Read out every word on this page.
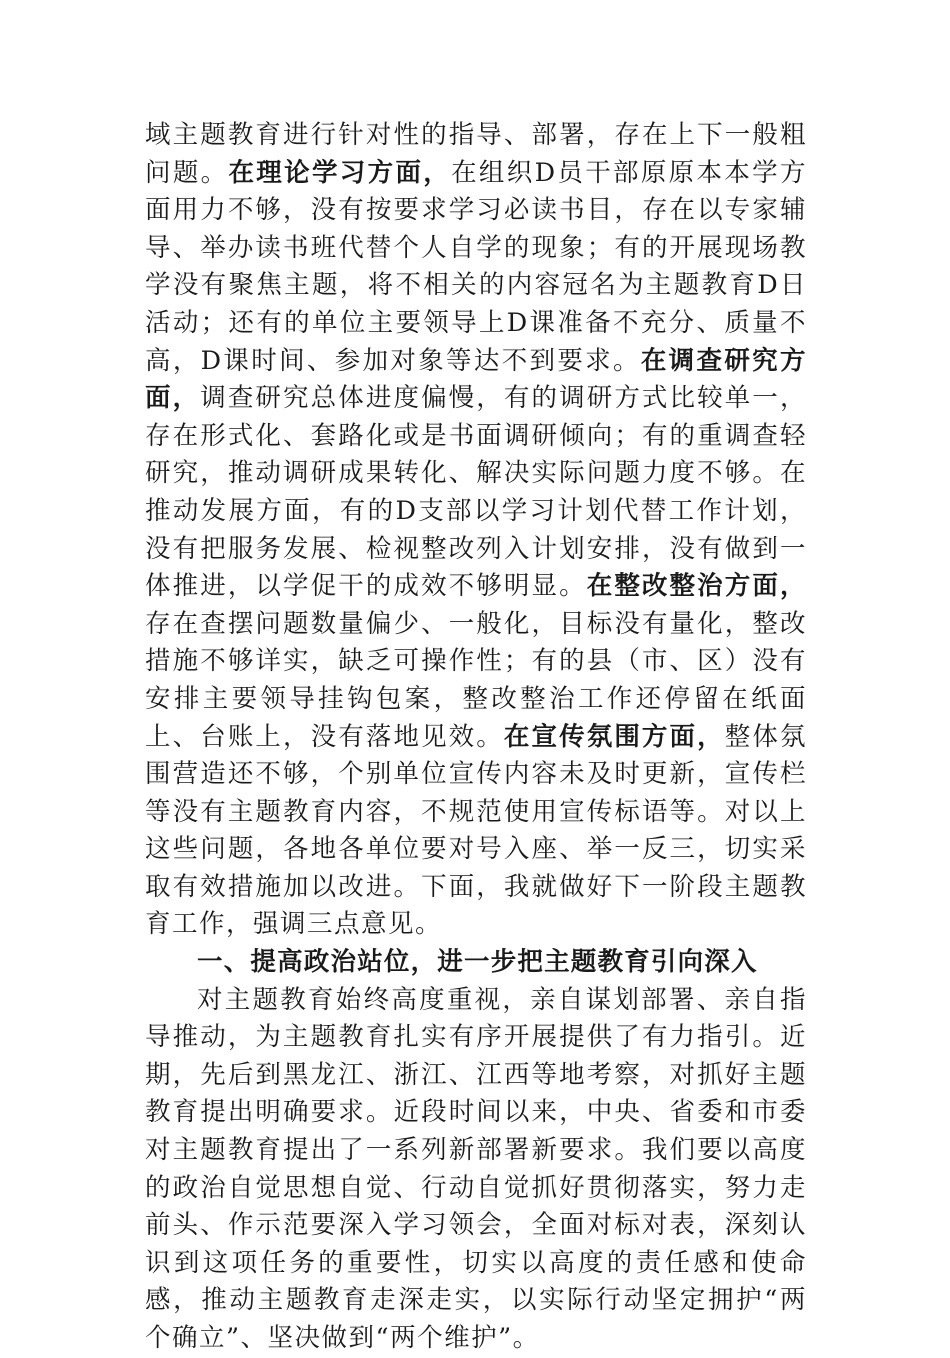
域主题教育进行针对性的指导、部署，存在上下一般粗问题。在理论学习方面，在组织D员干部原原本本学方面用力不够，没有按要求学习必读书目，存在以专家辅导、举办读书班代替个人自学的现象；有的开展现场教学没有聚焦主题，将不相关的内容冠名为主题教育D日活动；还有的单位主要领导上D课准备不充分、质量不高，D课时间、参加对象等达不到要求。在调查研究方面，调查研究总体进度偏慢，有的调研方式比较单一，存在形式化、套路化或是书面调研倾向；有的重调查轻研究，推动调研成果转化、解决实际问题力度不够。在推动发展方面，有的D支部以学习计划代替工作计划，没有把服务发展、检视整改列入计划安排，没有做到一体推进，以学促干的成效不够明显。在整改整治方面，存在查摆问题数量偏少、一般化，目标没有量化，整改措施不够详实，缺乏可操作性；有的县（市、区）没有安排主要领导挂钩包案，整改整治工作还停留在纸面上、台账上，没有落地见效。在宣传氛围方面，整体氛围营造还不够，个别单位宣传内容未及时更新，宣传栏等没有主题教育内容，不规范使用宣传标语等。对以上这些问题，各地各单位要对号入座、举一反三，切实采取有效措施加以改进。下面，我就做好下一阶段主题教育工作，强调三点意见。

一、提高政治站位，进一步把主题教育引向深入

对主题教育始终高度重视，亲自谋划部署、亲自指导推动，为主题教育扎实有序开展提供了有力指引。近期，先后到黑龙江、浙江、江西等地考察，对抓好主题教育提出明确要求。近段时间以来，中央、省委和市委对主题教育提出了一系列新部署新要求。我们要以高度的政治自觉思想自觉、行动自觉抓好贯彻落实，努力走前头、作示范要深入学习领会，全面对标对表，深刻认识到这项任务的重要性，切实以高度的责任感和使命感，推动主题教育走深走实，以实际行动坚定拥护“两个确立”、坚决做到“两个维护”。
